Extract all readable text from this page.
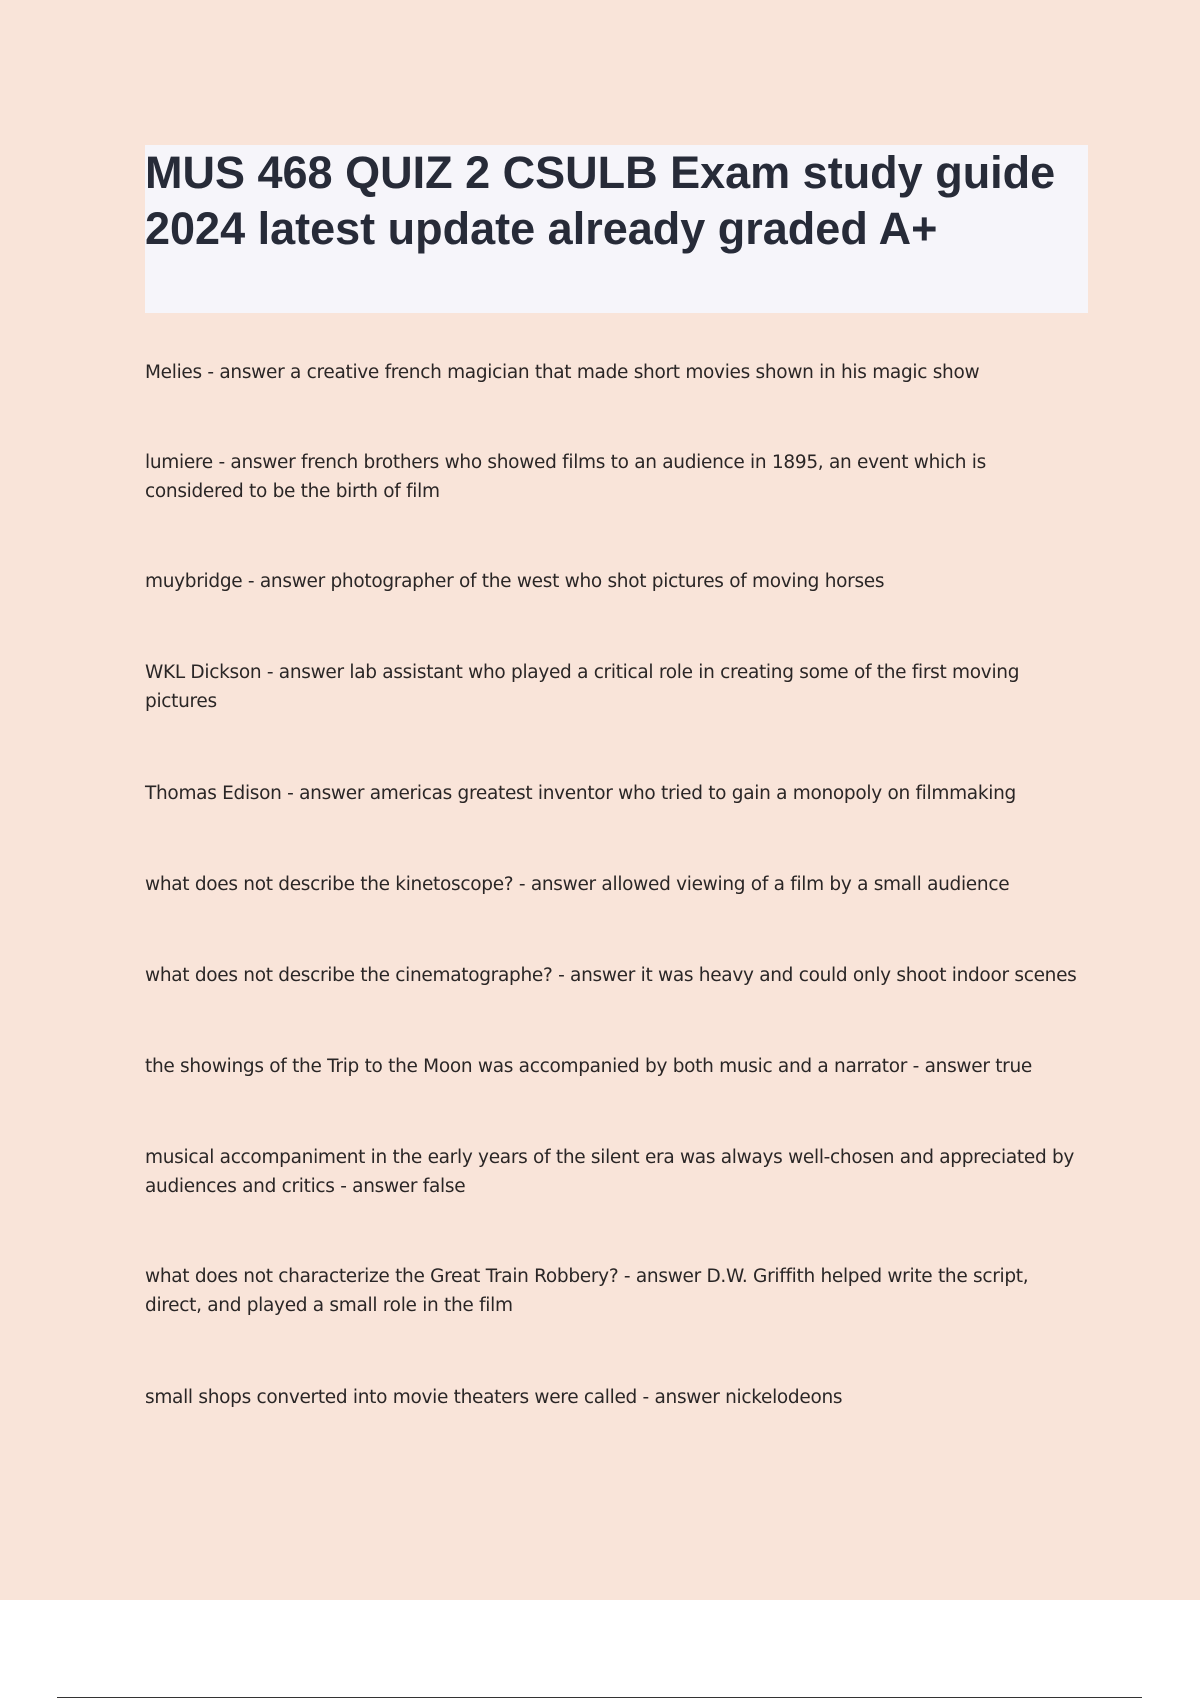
MUS 468 QUIZ 2 CSULB Exam study guide 2024 latest update already graded A+

Melies - answer a creative french magician that made short movies shown in his magic show

lumiere - answer french brothers who showed films to an audience in 1895, an event which is considered to be the birth of film

muybridge - answer photographer of the west who shot pictures of moving horses

WKL Dickson - answer lab assistant who played a critical role in creating some of the first moving pictures

Thomas Edison - answer americas greatest inventor who tried to gain a monopoly on filmmaking

what does not describe the kinetoscope? - answer allowed viewing of a film by a small audience

what does not describe the cinematographe? - answer it was heavy and could only shoot indoor scenes

the showings of the Trip to the Moon was accompanied by both music and a narrator - answer true

musical accompaniment in the early years of the silent era was always well-chosen and appreciated by audiences and critics - answer false

what does not characterize the Great Train Robbery? - answer D.W. Griffith helped write the script, direct, and played a small role in the film

small shops converted into movie theaters were called - answer nickelodeons
